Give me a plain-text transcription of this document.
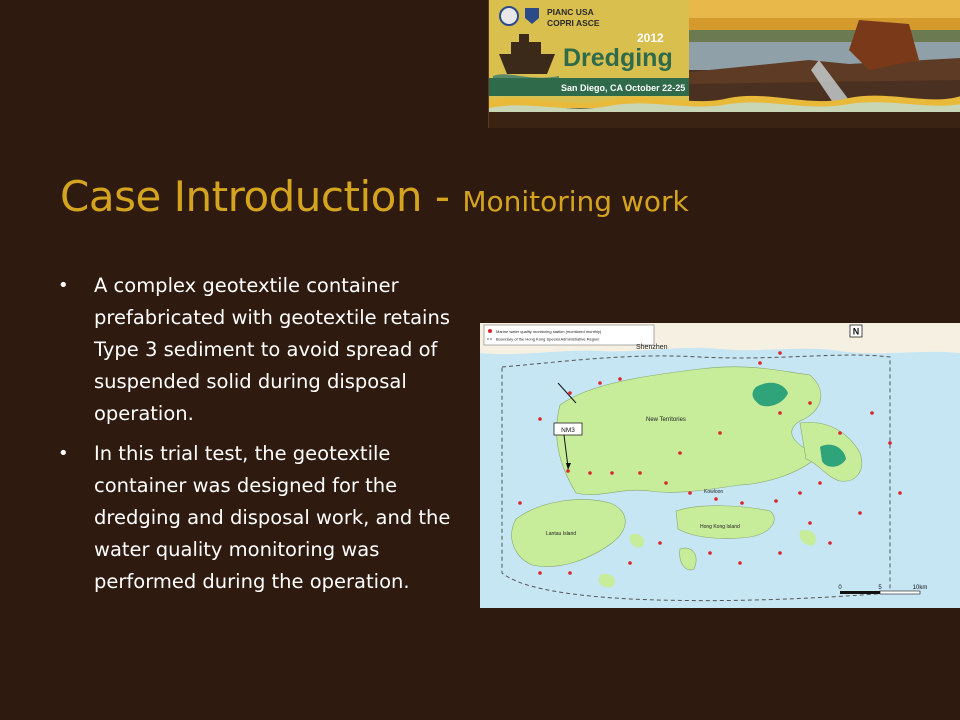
PIANC USA
COPRI ASCE
2012
Dredging
San Diego, CA October 22-25
Case Introduction - Monitoring work
• A complex geotextile container prefabricated with geotextile retains Type 3 sediment to avoid spread of suspended solid during disposal operation.
• In this trial test, the geotextile container was designed for the dredging and disposal work, and the water quality monitoring was performed during the operation.
Marine water quality monitoring station (monitored monthly)
Boundary of the Hong Kong Special Administrative Region
N
Shenzhen
New Territories
Kowloon
Hong Kong Island
Lantau Island
NM3
0	5	10km
